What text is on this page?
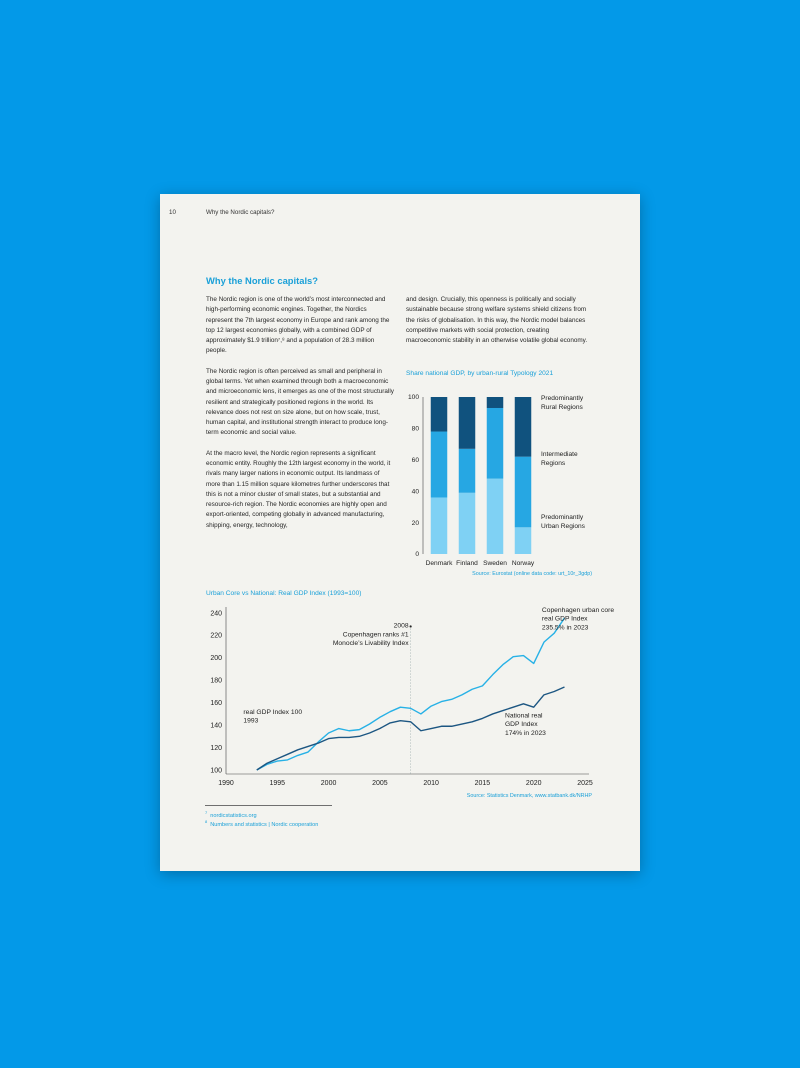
10	Why the Nordic capitals?
Why the Nordic capitals?

The Nordic region is one of the world’s most interconnected and high-performing economic engines. Together, the Nordics represent the 7th largest economy in Europe and rank among the top 12 largest economies globally, with a combined GDP of approximately $1.9 trillion⁷,⁸ and a population of 28.3 million people.

The Nordic region is often perceived as small and peripheral in global terms. Yet when examined through both a macroeconomic and microeconomic lens, it emerges as one of the most structurally resilient and strategically positioned regions in the world. Its relevance does not rest on size alone, but on how scale, trust, human capital, and institutional strength interact to produce long-term economic and social value.

At the macro level, the Nordic region represents a significant economic entity. Roughly the 12th largest economy in the world, it rivals many larger nations in economic output. Its landmass of more than 1.15 million square kilometres further underscores that this is not a minor cluster of small states, but a substantial and resource-rich region. The Nordic economies are highly open and export-oriented, competing globally in advanced manufacturing, shipping, energy, technology,

and design. Crucially, this openness is politically and socially sustainable because strong welfare systems shield citizens from the risks of globalisation. In this way, the Nordic model balances competitive markets with social protection, creating macroeconomic stability in an otherwise volatile global economy.

Share national GDP, by urban-rural Typology 2021
0
20
40
60
80
100
Denmark Finland Sweden Norway
Predominantly
Rural Regions
Intermediate
Regions
Predominantly
Urban Regions
Source: Eurostat (online data code: urt_10r_3gdp)
Urban Core vs National: Real GDP Index (1993=100)
100
120
140
160
180
200
220
240
1990	1995	2000	2005	2010	2015	2020	2025
Copenhagen urban core
real GDP Index
235.5% in 2023
2008
Copenhagen ranks #1
Monocle’s Livability Index
real GDP Index 100
1993
National real
GDP Index
174% in 2023
Source: Statistics Denmark, www.statbank.dk/NRHP
$^7$nordicstatistics.org
$^8$Numbers and statistics | Nordic cooperation
